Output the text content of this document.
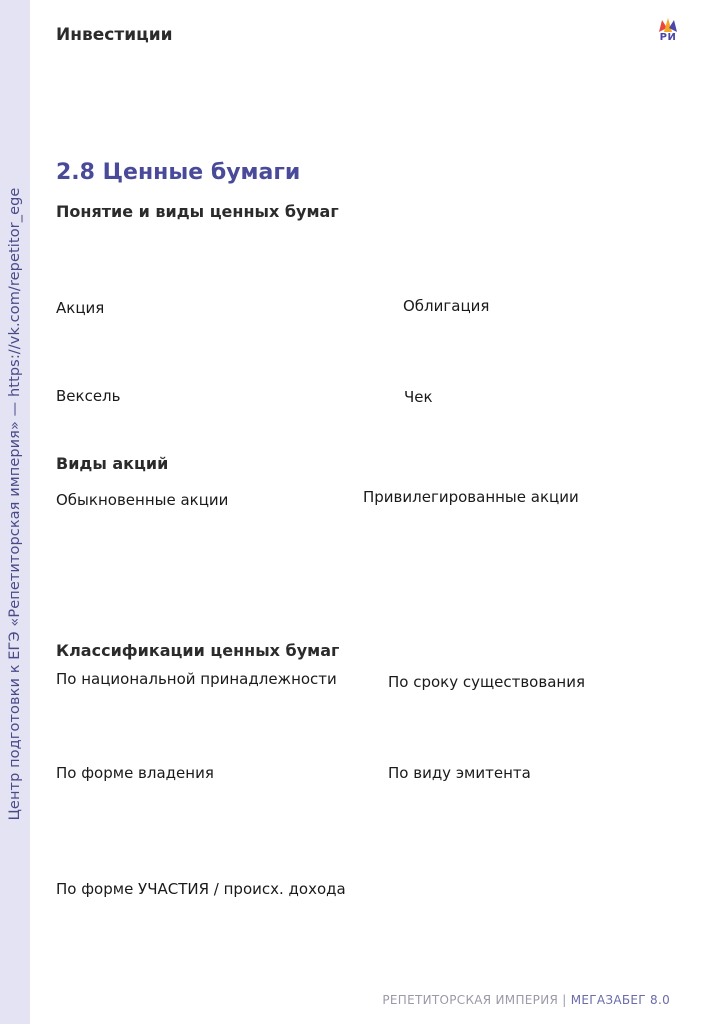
Центр подготовки к ЕГЭ «Репетиторская империя» — https://vk.com/repetitor_ege
Инвестиции	РИ
2.8 Ценные бумаги
Понятие и виды ценных бумаг
Акция	Облигация
Вексель	Чек
Виды акций
Обыкновенные акции	Привилегированные акции
Классификации ценных бумаг
По национальной принадлежности	По сроку существования
По форме владения	По виду эмитента
По форме УЧАСТИЯ / происх. дохода
РЕПЕТИТОРСКАЯ ИМПЕРИЯ | МЕГАЗАБЕГ 8.0
